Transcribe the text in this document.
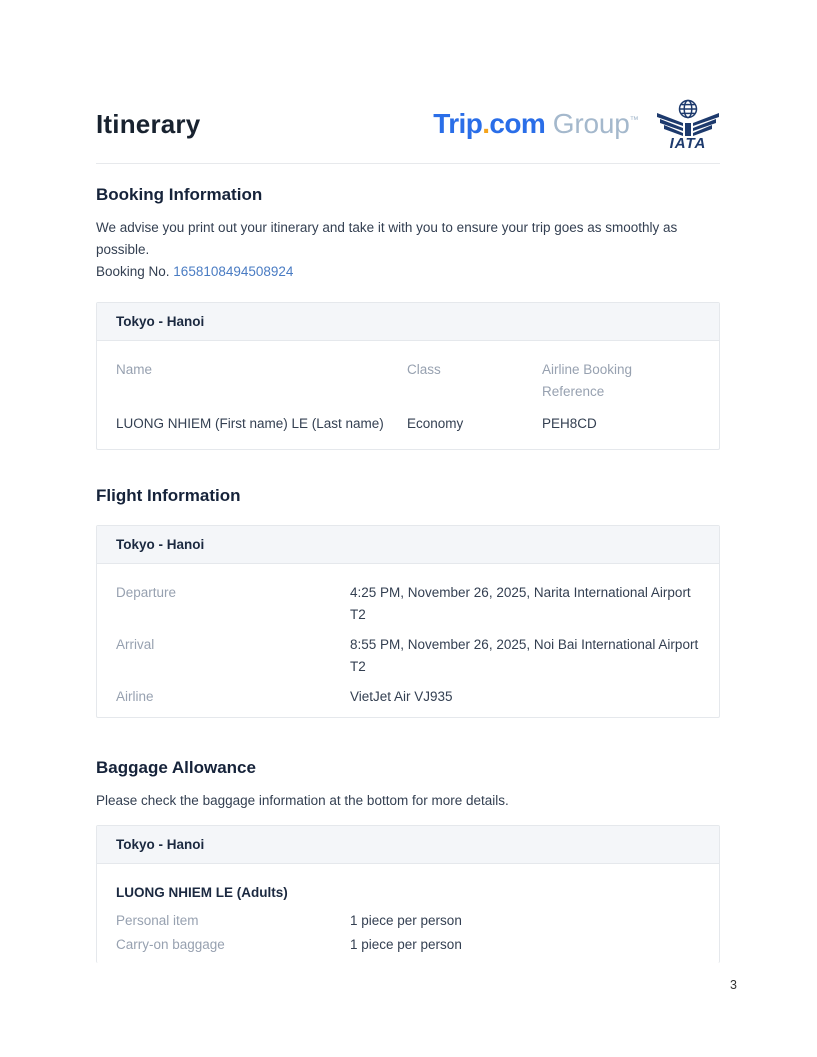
Itinerary	Trip.com Group™
IATA
Booking Information

We advise you print out your itinerary and take it with you to ensure your trip goes as smoothly as possible.

Booking No. 1658108494508924
Tokyo - Hanoi
Name	Class	Airline Booking Reference
LUONG NHIEM (First name) LE (Last name)	Economy	PEH8CD
Flight Information
Tokyo - Hanoi
Departure	4:25 PM, November 26, 2025, Narita International Airport T2
Arrival	8:55 PM, November 26, 2025, Noi Bai International Airport T2
Airline	VietJet Air VJ935
Baggage Allowance

Please check the baggage information at the bottom for more details.

Tokyo - Hanoi
LUONG NHIEM LE (Adults)
Personal item	1 piece per person
Carry-on baggage	1 piece per person
3
